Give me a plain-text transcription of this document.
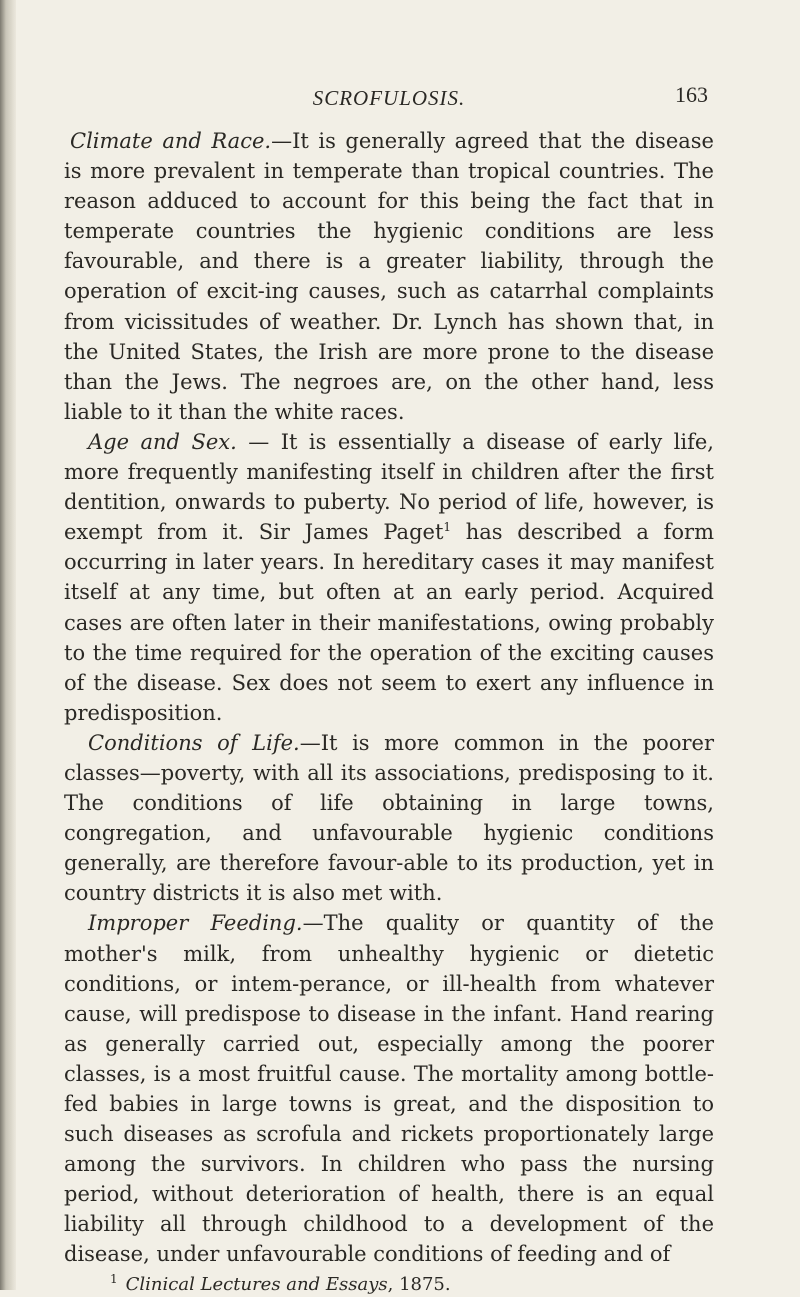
SCROFULOSIS.	163

Climate and Race.—It is generally agreed that the disease is more prevalent in temperate than tropical countries. The reason adduced to account for this being the fact that in temperate countries the hygienic conditions are less favourable, and there is a greater liability, through the operation of excit-ing causes, such as catarrhal complaints from vicissitudes of weather. Dr. Lynch has shown that, in the United States, the Irish are more prone to the disease than the Jews. The negroes are, on the other hand, less liable to it than the white races.

Age and Sex. — It is essentially a disease of early life, more frequently manifesting itself in children after the first dentition, onwards to puberty. No period of life, however, is exempt from it. Sir James Paget$^1$ has described a form occurring in later years. In hereditary cases it may manifest itself at any time, but often at an early period. Acquired cases are often later in their manifestations, owing probably to the time required for the operation of the exciting causes of the disease. Sex does not seem to exert any influence in predisposition.

Conditions of Life.—It is more common in the poorer classes—poverty, with all its associations, predisposing to it. The conditions of life obtaining in large towns, congregation, and unfavourable hygienic conditions generally, are therefore favour-able to its production, yet in country districts it is also met with.

Improper Feeding.—The quality or quantity of the mother's milk, from unhealthy hygienic or dietetic conditions, or intem-perance, or ill-health from whatever cause, will predispose to disease in the infant. Hand rearing as generally carried out, especially among the poorer classes, is a most fruitful cause. The mortality among bottle-fed babies in large towns is great, and the disposition to such diseases as scrofula and rickets proportionately large among the survivors. In children who pass the nursing period, without deterioration of health, there is an equal liability all through childhood to a development of the disease, under unfavourable conditions of feeding and of

$^1$ Clinical Lectures and Essays, 1875.
